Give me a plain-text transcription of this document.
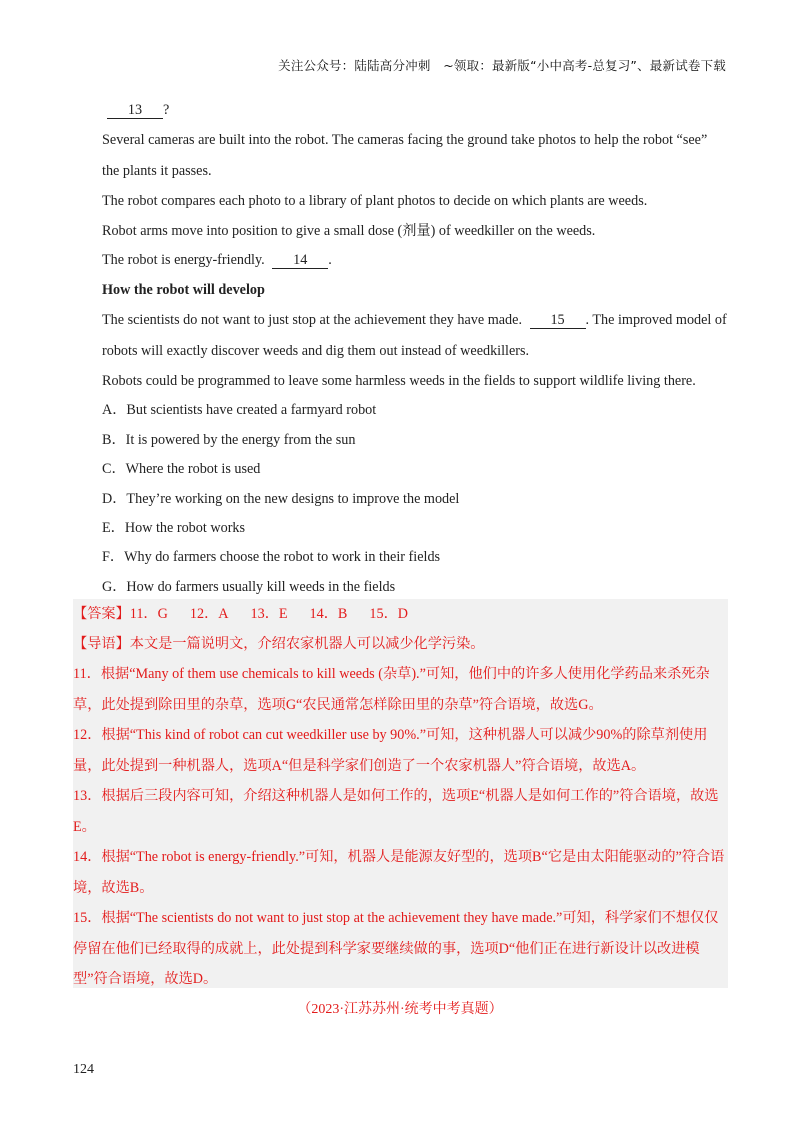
关注公众号：陆陆高分冲刺　~领取：最新版“小中高考-总复习”、最新试卷下载
13 ?
Several cameras are built into the robot. The cameras facing the ground take photos to help the robot “see” the plants it passes.
The robot compares each photo to a library of plant photos to decide on which plants are weeds.
Robot arms move into position to give a small dose (剂量) of weedkiller on the weeds.
The robot is energy-friendly. 14 .
How the robot will develop
The scientists do not want to just stop at the achievement they have made. 15 . The improved model of robots will exactly discover weeds and dig them out instead of weedkillers.
Robots could be programmed to leave some harmless weeds in the fields to support wildlife living there.
A．But scientists have created a farmyard robot
B．It is powered by the energy from the sun
C．Where the robot is used
D．They’re working on the new designs to improve the model
E．How the robot works
F．Why do farmers choose the robot to work in their fields
G．How do farmers usually kill weeds in the fields
【答案】11．G 12．A 13．E 14．B 15．D
【导语】本文是一篇说明文，介绍农家机器人可以减少化学污染。
11．根据“Many of them use chemicals to kill weeds (杂草).”可知，他们中的许多人使用化学药品来杀死杂草，此处提到除田里的杂草，选项G“农民通常怎样除田里的杂草”符合语境，故选G。
12．根据“This kind of robot can cut weedkiller use by 90%.”可知，这种机器人可以减少90%的除草剂使用量，此处提到一种机器人，选项A“但是科学家们创造了一个农家机器人”符合语境，故选A。
13．根据后三段内容可知，介绍这种机器人是如何工作的，选项E“机器人是如何工作的”符合语境，故选E。
14．根据“The robot is energy-friendly.”可知，机器人是能源友好型的，选项B“它是由太阳能驱动的”符合语境，故选B。
15．根据“The scientists do not want to just stop at the achievement they have made.”可知，科学家们不想仅仅停留在他们已经取得的成就上，此处提到科学家要继续做的事，选项D“他们正在进行新设计以改进模型”符合语境，故选D。
（2023·江苏苏州·统考中考真题）
124
